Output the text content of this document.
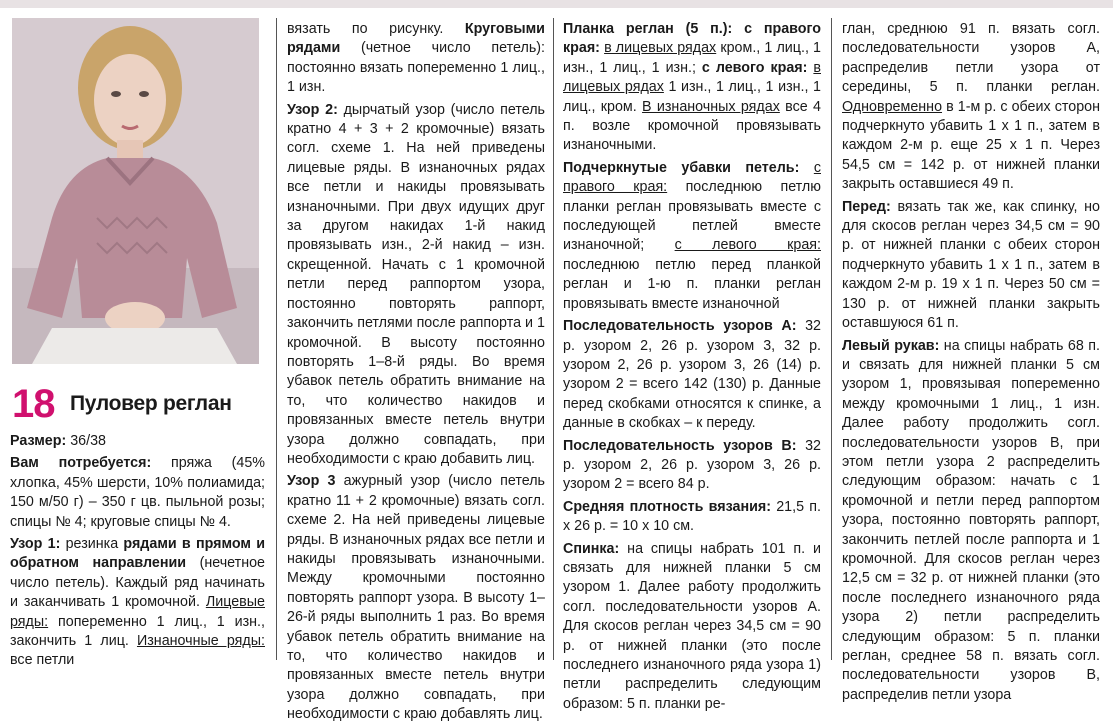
18 Пуловер реглан

Размер: 36/38

Вам потребуется: пряжа (45% хлопка, 45% шерсти, 10% полиамида; 150 м/50 г) – 350 г цв. пыльной розы; спицы № 4; круговые спицы № 4.

Узор 1: резинка рядами в прямом и обратном направлении (нечетное число петель). Каждый ряд начинать и заканчивать 1 кромочной. Лицевые ряды: попеременно 1 лиц., 1 изн., закончить 1 лиц. Изнаночные ряды: все петли

вязать по рисунку. Круговыми рядами (четное число петель): постоянно вязать попеременно 1 лиц., 1 изн.

Узор 2: дырчатый узор (число петель кратно 4 + 3 + 2 кромочные) вязать согл. схеме 1. На ней приведены лицевые ряды. В изнаночных рядах все петли и накиды провязывать изнаночными. При двух идущих друг за другом накидах 1-й накид провязывать изн., 2-й накид – изн. скрещенной. Начать с 1 кромочной петли перед раппортом узора, постоянно повторять раппорт, закончить петлями после раппорта и 1 кромочной. В высоту постоянно повторять 1–8-й ряды. Во время убавок петель обратить внимание на то, что количество накидов и провязанных вместе петель внутри узора должно совпадать, при необходимости с краю добавить лиц.

Узор 3 ажурный узор (число петель кратно 11 + 2 кромочные) вязать согл. схеме 2. На ней приведены лицевые ряды. В изнаночных рядах все петли и накиды провязывать изнаночными. Между кромочными постоянно повторять раппорт узора. В высоту 1–26-й ряды выполнить 1 раз. Во время убавок петель обратить внимание на то, что количество накидов и провязанных вместе петель внутри узора должно совпадать, при необходимости с краю добавлять лиц.

Планка реглан (5 п.): с правого края: в лицевых рядах кром., 1 лиц., 1 изн., 1 лиц., 1 изн.; с левого края: в лицевых рядах 1 изн., 1 лиц., 1 изн., 1 лиц., кром. В изнаночных рядах все 4 п. возле кромочной провязывать изнаночными.

Подчеркнутые убавки петель: с правого края: последнюю петлю планки реглан провязывать вместе с последующей петлей вместе изнаночной; с левого края: последнюю петлю перед планкой реглан и 1-ю п. планки реглан провязывать вместе изнаночной

Последовательность узоров А: 32 р. узором 2, 26 р. узором 3, 32 р. узором 2, 26 р. узором 3, 26 (14) р. узором 2 = всего 142 (130) р. Данные перед скобками относятся к спинке, а данные в скобках – к переду.

Последовательность узоров В: 32 р. узором 2, 26 р. узором 3, 26 р. узором 2 = всего 84 р.

Средняя плотность вязания: 21,5 п. х 26 р. = 10 х 10 см.

Спинка: на спицы набрать 101 п. и связать для нижней планки 5 см узором 1. Далее работу продолжить согл. последовательности узоров А. Для скосов реглан через 34,5 см = 90 р. от нижней планки (это после последнего изнаночного ряда узора 1) петли распределить следующим образом: 5 п. планки ре-

глан, среднюю 91 п. вязать согл. последовательности узоров А, распределив петли узора от середины, 5 п. планки реглан. Одновременно в 1-м р. с обеих сторон подчеркнуто убавить 1 х 1 п., затем в каждом 2-м р. еще 25 х 1 п. Через 54,5 см = 142 р. от нижней планки закрыть оставшиеся 49 п.

Перед: вязать так же, как спинку, но для скосов реглан через 34,5 см = 90 р. от нижней планки с обеих сторон подчеркнуто убавить 1 х 1 п., затем в каждом 2-м р. 19 х 1 п. Через 50 см = 130 р. от нижней планки закрыть оставшуюся 61 п.

Левый рукав: на спицы набрать 68 п. и связать для нижней планки 5 см узором 1, провязывая попеременно между кромочными 1 лиц., 1 изн. Далее работу продолжить согл. последовательности узоров В, при этом петли узора 2 распределить следующим образом: начать с 1 кромочной и петли перед раппортом узора, постоянно повторять раппорт, закончить петлей после раппорта и 1 кромочной. Для скосов реглан через 12,5 см = 32 р. от нижней планки (это после последнего изнаночного ряда узора 2) петли распределить следующим образом: 5 п. планки реглан, среднее 58 п. вязать согл. последовательности узоров В, распределив петли узора
